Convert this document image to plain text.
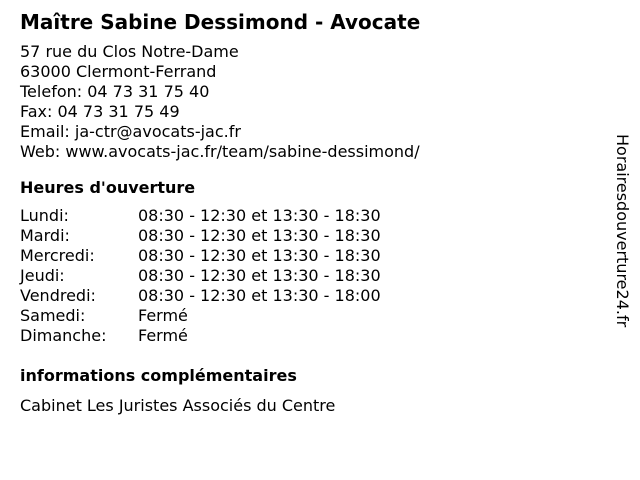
Maître Sabine Dessimond - Avocate
57 rue du Clos Notre-Dame
63000 Clermont-Ferrand
Telefon: 04 73 31 75 40
Fax: 04 73 31 75 49
Email: ja-ctr@avocats-jac.fr
Web: www.avocats-jac.fr/team/sabine-dessimond/
Heures d'ouverture
Lundi:	08:30 - 12:30 et 13:30 - 18:30
Mardi:	08:30 - 12:30 et 13:30 - 18:30
Mercredi:	08:30 - 12:30 et 13:30 - 18:30
Jeudi:	08:30 - 12:30 et 13:30 - 18:30
Vendredi:	08:30 - 12:30 et 13:30 - 18:00
Samedi:	Fermé
Dimanche:	Fermé
informations complémentaires
Cabinet Les Juristes Associés du Centre
Horairesdouverture24.fr
